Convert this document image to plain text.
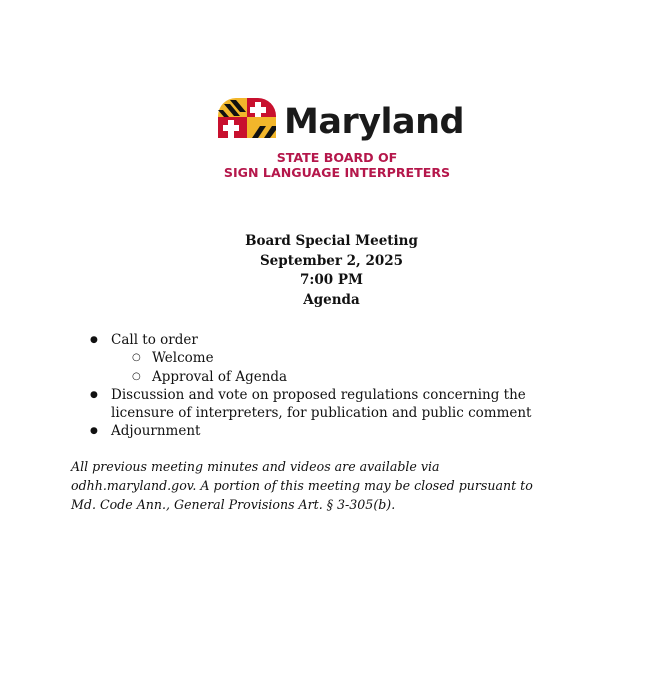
Maryland
STATE BOARD OF
SIGN LANGUAGE INTERPRETERS
Board Special Meeting
September 2, 2025
7:00 PM
Agenda
● Call to order
○ Welcome
○ Approval of Agenda
● Discussion and vote on proposed regulations concerning the licensure of interpreters, for publication and public comment
● Adjournment
All previous meeting minutes and videos are available via odhh.maryland.gov. A portion of this meeting may be closed pursuant to Md. Code Ann., General Provisions Art. § 3-305(b).
